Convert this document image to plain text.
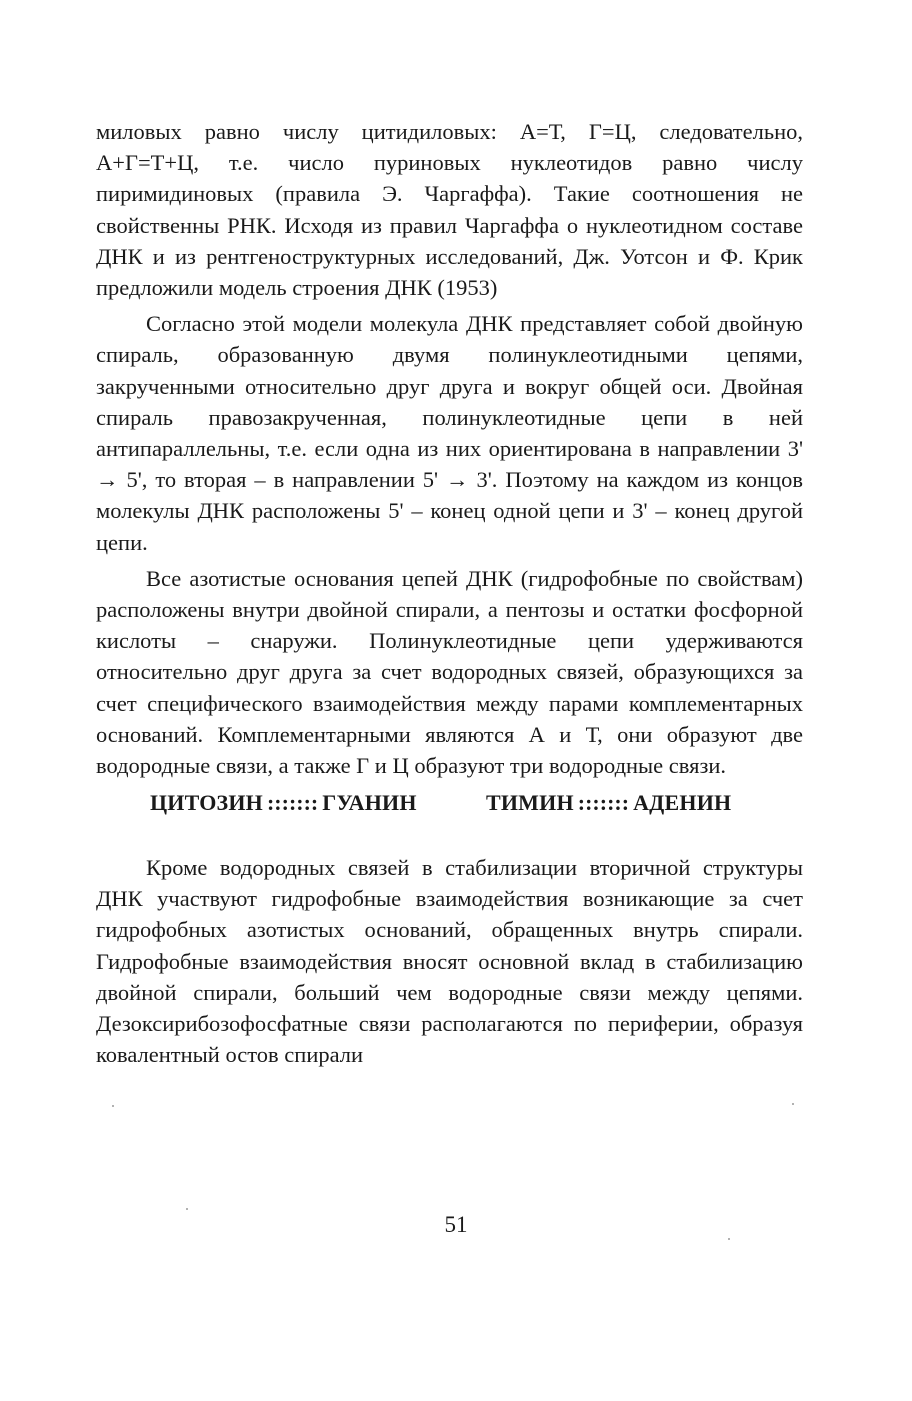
миловых равно числу цитидиловых: А=Т, Г=Ц, следовательно, А+Г=Т+Ц, т.е. число пуриновых нуклеотидов равно числу пиримидиновых (правила Э. Чаргаффа). Такие соотношения не свойственны РНК. Исходя из правил Чаргаффа о нуклеотидном составе ДНК и из рентгеноструктурных исследований, Дж. Уотсон и Ф. Крик предложили модель строения ДНК (1953)

Согласно этой модели молекула ДНК представляет собой двойную спираль, образованную двумя полинуклеотидными цепями, закрученными относительно друг друга и вокруг общей оси. Двойная спираль правозакрученная, полинуклеотидные цепи в ней антипараллельны, т.е. если одна из них ориентирована в направлении 3' → 5', то вторая – в направлении 5' → 3'. Поэтому на каждом из концов молекулы ДНК расположены 5' – конец одной цепи и 3' – конец другой цепи.

Все азотистые основания цепей ДНК (гидрофобные по свойствам) расположены внутри двойной спирали, а пентозы и остатки фосфорной кислоты – снаружи. Полинуклеотидные цепи удерживаются относительно друг друга за счет водородных связей, образующихся за счет специфического взаимодействия между парами комплементарных оснований. Комплементарными являются А и Т, они образуют две водородные связи, а также Г и Ц образуют три водородные связи.

ЦИТОЗИН ::::::: ГУАНИН	ТИМИН ::::::: АДЕНИН

Кроме водородных связей в стабилизации вторичной структуры ДНК участвуют гидрофобные взаимодействия возникающие за счет гидрофобных азотистых оснований, обращенных внутрь спирали. Гидрофобные взаимодействия вносят основной вклад в стабилизацию двойной спирали, больший чем водородные связи между цепями. Дезоксирибозофосфатные связи располагаются по периферии, образуя ковалентный остов спирали

51
